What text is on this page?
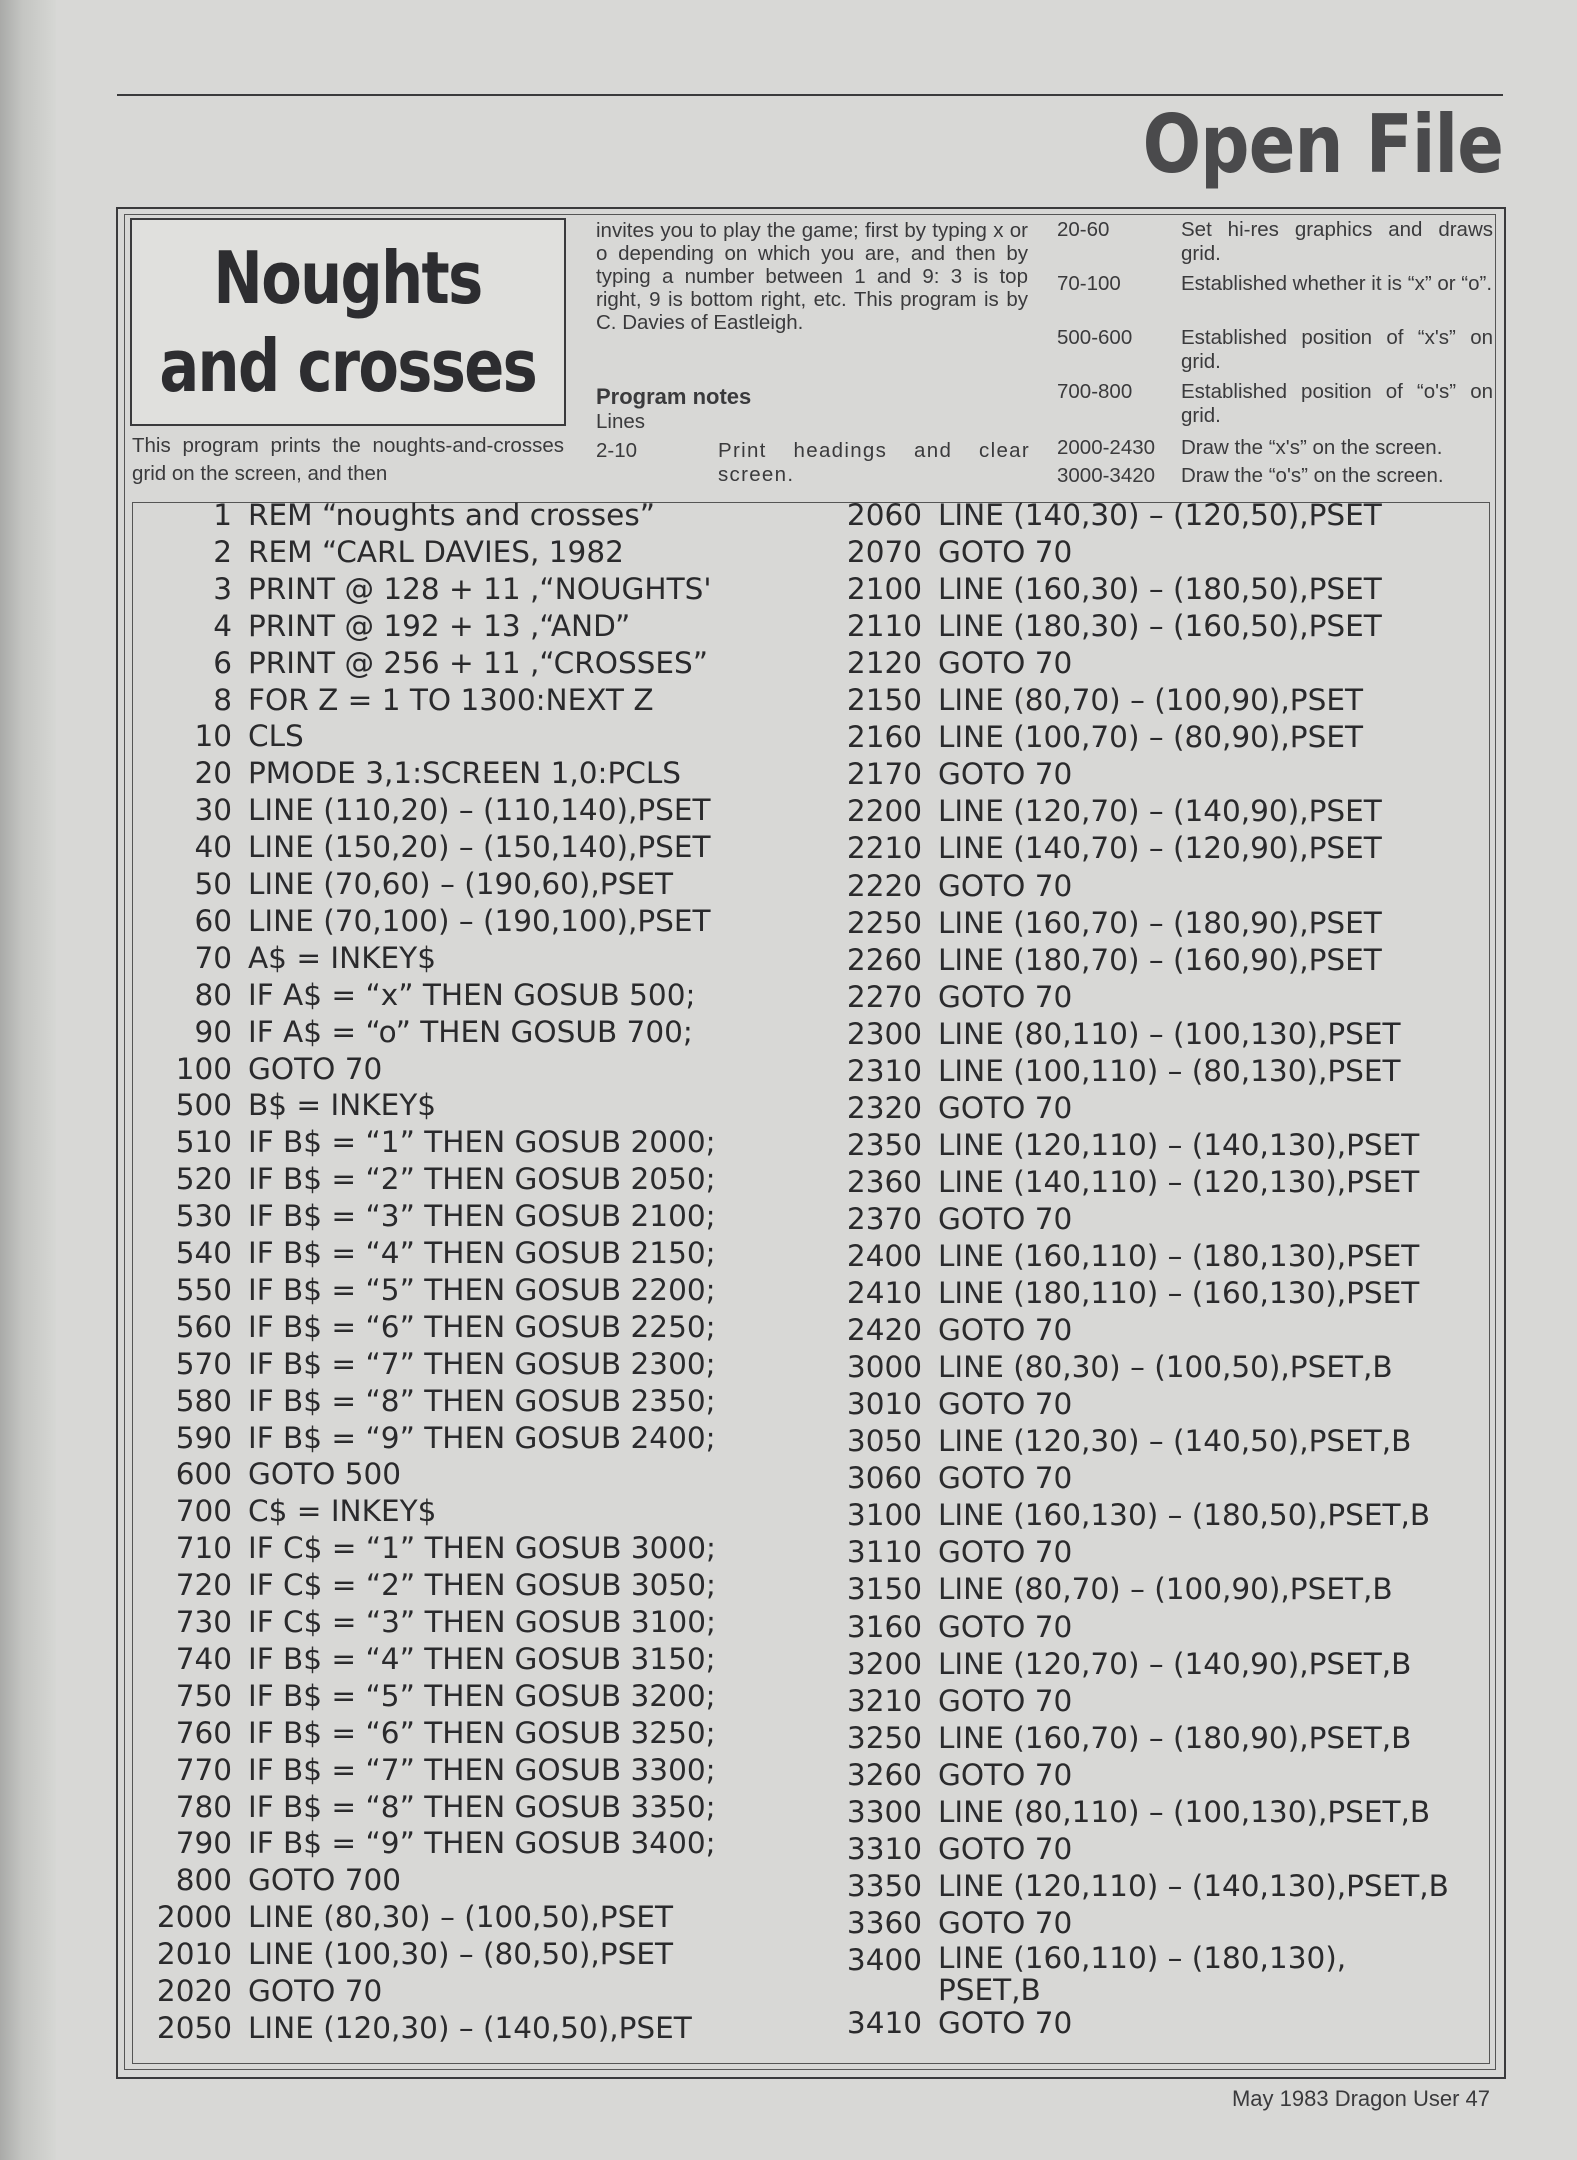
Open File
Noughts
and crosses
This program prints the noughts-and-crosses grid on the screen, and then
invites you to play the game; first by typing x or o depending on which you are, and then by typing a number between 1 and 9: 3 is top right, 9 is bottom right, etc. This program is by C. Davies of Eastleigh.
Program notes
Lines
2-10	Print headings and clear screen.
20-60	Set hi-res graphics and draws grid.
70-100	Established whether it is “x” or “o”.
500-600 Established position of “x's” on grid.
700-800 Established position of “o's” on grid.
2000-2430 Draw the “x's” on the screen.
3000-3420 Draw the “o's” on the screen.
1 REM “noughts and crosses”
2 REM “CARL DAVIES, 1982
3 PRINT @ 128 + 11 ,“NOUGHTS'
4 PRINT @ 192 + 13 ,“AND”
6 PRINT @ 256 + 11 ,“CROSSES”
8 FOR Z = 1 TO 1300:NEXT Z
10 CLS
20 PMODE 3,1:SCREEN 1,0:PCLS
30 LINE (110,20) – (110,140),PSET
40 LINE (150,20) – (150,140),PSET
50 LINE (70,60) – (190,60),PSET
60 LINE (70,100) – (190,100),PSET
70 A$ = INKEY$
80 IF A$ = “x” THEN GOSUB 500;
90 IF A$ = “o” THEN GOSUB 700;
100 GOTO 70
500 B$ = INKEY$
510 IF B$ = “1” THEN GOSUB 2000;
520 IF B$ = “2” THEN GOSUB 2050;
530 IF B$ = “3” THEN GOSUB 2100;
540 IF B$ = “4” THEN GOSUB 2150;
550 IF B$ = “5” THEN GOSUB 2200;
560 IF B$ = “6” THEN GOSUB 2250;
570 IF B$ = “7” THEN GOSUB 2300;
580 IF B$ = “8” THEN GOSUB 2350;
590 IF B$ = “9” THEN GOSUB 2400;
600 GOTO 500
700 C$ = INKEY$
710 IF C$ = “1” THEN GOSUB 3000;
720 IF C$ = “2” THEN GOSUB 3050;
730 IF C$ = “3” THEN GOSUB 3100;
740 IF B$ = “4” THEN GOSUB 3150;
750 IF B$ = “5” THEN GOSUB 3200;
760 IF B$ = “6” THEN GOSUB 3250;
770 IF B$ = “7” THEN GOSUB 3300;
780 IF B$ = “8” THEN GOSUB 3350;
790 IF B$ = “9” THEN GOSUB 3400;
800 GOTO 700
2000 LINE (80,30) – (100,50),PSET
2010 LINE (100,30) – (80,50),PSET
2020 GOTO 70
2050 LINE (120,30) – (140,50),PSET
2060 LINE (140,30) – (120,50),PSET
2070 GOTO 70
2100 LINE (160,30) – (180,50),PSET
2110 LINE (180,30) – (160,50),PSET
2120 GOTO 70
2150 LINE (80,70) – (100,90),PSET
2160 LINE (100,70) – (80,90),PSET
2170 GOTO 70
2200 LINE (120,70) – (140,90),PSET
2210 LINE (140,70) – (120,90),PSET
2220 GOTO 70
2250 LINE (160,70) – (180,90),PSET
2260 LINE (180,70) – (160,90),PSET
2270 GOTO 70
2300 LINE (80,110) – (100,130),PSET
2310 LINE (100,110) – (80,130),PSET
2320 GOTO 70
2350 LINE (120,110) – (140,130),PSET
2360 LINE (140,110) – (120,130),PSET
2370 GOTO 70
2400 LINE (160,110) – (180,130),PSET
2410 LINE (180,110) – (160,130),PSET
2420 GOTO 70
3000 LINE (80,30) – (100,50),PSET,B
3010 GOTO 70
3050 LINE (120,30) – (140,50),PSET,B
3060 GOTO 70
3100 LINE (160,130) – (180,50),PSET,B
3110 GOTO 70
3150 LINE (80,70) – (100,90),PSET,B
3160 GOTO 70
3200 LINE (120,70) – (140,90),PSET,B
3210 GOTO 70
3250 LINE (160,70) – (180,90),PSET,B
3260 GOTO 70
3300 LINE (80,110) – (100,130),PSET,B
3310 GOTO 70
3350 LINE (120,110) – (140,130),PSET,B
3360 GOTO 70
3400 LINE (160,110) – (180,130),
PSET,B
3410 GOTO 70
May 1983 Dragon User 47
